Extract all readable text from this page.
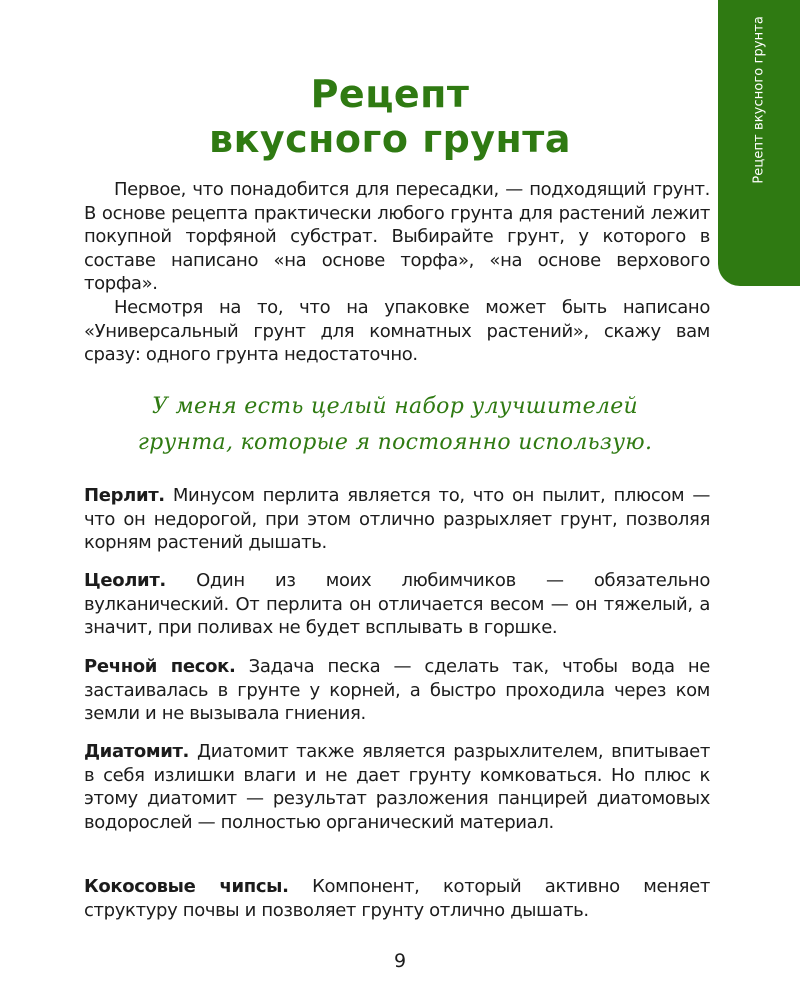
Рецепт вкусного грунта
Рецепт
вкусного грунта

Первое, что понадобится для пересадки, — подходящий грунт. В основе рецепта практически любого грунта для растений лежит покупной торфяной субстрат. Выбирайте грунт, у которого в составе написано «на основе торфа», «на основе верхового торфа».

Несмотря на то, что на упаковке может быть написано «Универсальный грунт для комнатных растений», скажу вам сразу: одного грунта недостаточно.

У меня есть целый набор улучшителей
грунта, которые я постоянно использую.

Перлит. Минусом перлита является то, что он пылит, плюсом — что он недорогой, при этом отлично разрыхляет грунт, позволяя корням растений дышать.

Цеолит. Один из моих любимчиков — обязательно вулканический. От перлита он отличается весом — он тяжелый, а значит, при поливах не будет всплывать в горшке.

Речной песок. Задача песка — сделать так, чтобы вода не застаивалась в грунте у корней, а быстро проходила через ком земли и не вызывала гниения.

Диатомит. Диатомит также является разрыхлителем, впитывает в себя излишки влаги и не дает грунту комковаться. Но плюс к этому диатомит — результат разложения панцирей диатомовых водорослей — полностью органический материал.

Кокосовые чипсы. Компонент, который активно меняет структуру почвы и позволяет грунту отлично дышать.

9
